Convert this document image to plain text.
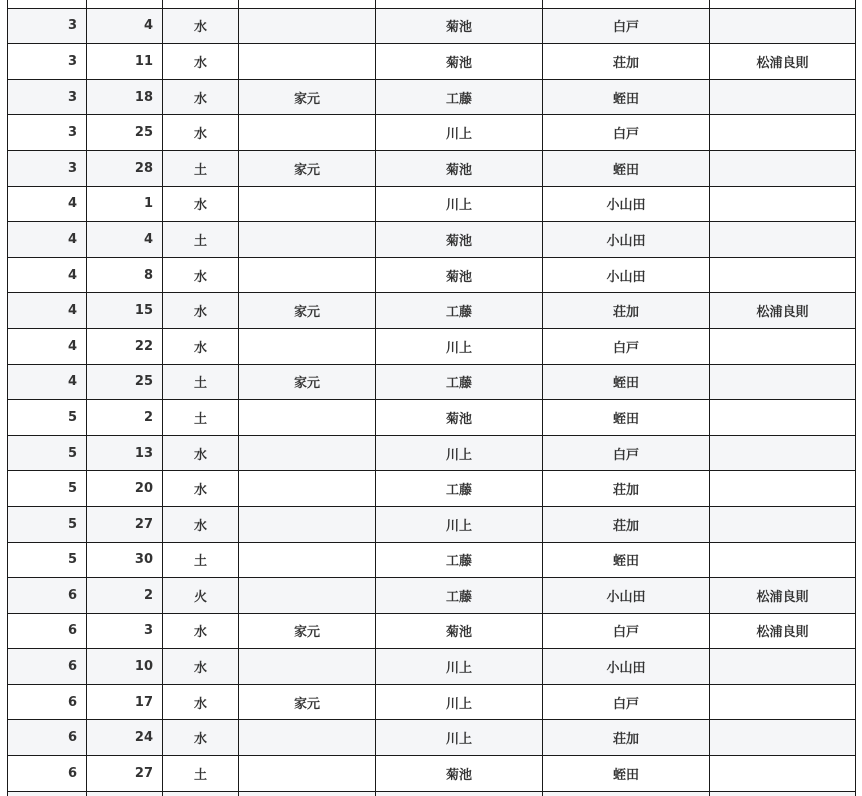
3	4	水		菊池	白戸	
3	11	水		菊池	荘加	松浦良則
3	18	水	家元	工藤	蛭田	
3	25	水		川上	白戸	
3	28	土	家元	菊池	蛭田	
4	1	水		川上	小山田	
4	4	土		菊池	小山田	
4	8	水		菊池	小山田	
4	15	水	家元	工藤	荘加	松浦良則
4	22	水		川上	白戸	
4	25	土	家元	工藤	蛭田	
5	2	土		菊池	蛭田	
5	13	水		川上	白戸	
5	20	水		工藤	荘加	
5	27	水		川上	荘加	
5	30	土		工藤	蛭田	
6	2	火		工藤	小山田	松浦良則
6	3	水	家元	菊池	白戸	松浦良則
6	10	水		川上	小山田	
6	17	水	家元	川上	白戸	
6	24	水		川上	荘加	
6	27	土		菊池	蛭田	
